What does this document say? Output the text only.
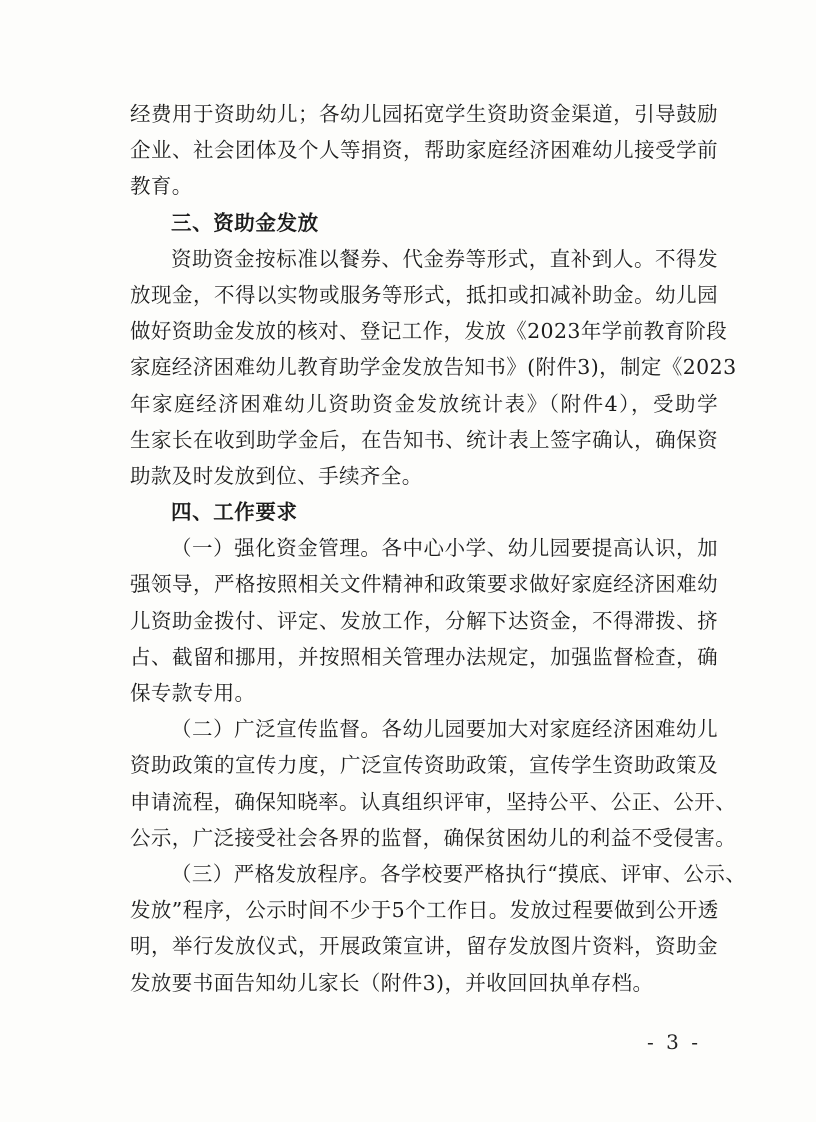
经费用于资助幼儿；各幼儿园拓宽学生资助资金渠道，引导鼓励
企业、社会团体及个人等捐资，帮助家庭经济困难幼儿接受学前
教育。
三、资助金发放
资助资金按标准以餐券、代金券等形式，直补到人。不得发
放现金，不得以实物或服务等形式，抵扣或扣减补助金。幼儿园
做好资助金发放的核对、登记工作，发放《2023年学前教育阶段
家庭经济困难幼儿教育助学金发放告知书》(附件3)，制定《2023
年家庭经济困难幼儿资助资金发放统计表》（附件4），受助学
生家长在收到助学金后，在告知书、统计表上签字确认，确保资
助款及时发放到位、手续齐全。
四、工作要求
（一）强化资金管理。各中心小学、幼儿园要提高认识，加
强领导，严格按照相关文件精神和政策要求做好家庭经济困难幼
儿资助金拨付、评定、发放工作，分解下达资金，不得滞拨、挤
占、截留和挪用，并按照相关管理办法规定，加强监督检查，确
保专款专用。
（二）广泛宣传监督。各幼儿园要加大对家庭经济困难幼儿
资助政策的宣传力度，广泛宣传资助政策，宣传学生资助政策及
申请流程，确保知晓率。认真组织评审，坚持公平、公正、公开、
公示，广泛接受社会各界的监督，确保贫困幼儿的利益不受侵害。
（三）严格发放程序。各学校要严格执行“摸底、评审、公示、
发放”程序，公示时间不少于5个工作日。发放过程要做到公开透
明，举行发放仪式，开展政策宣讲，留存发放图片资料，资助金
发放要书面告知幼儿家长（附件3)，并收回回执单存档。
- 3 -
